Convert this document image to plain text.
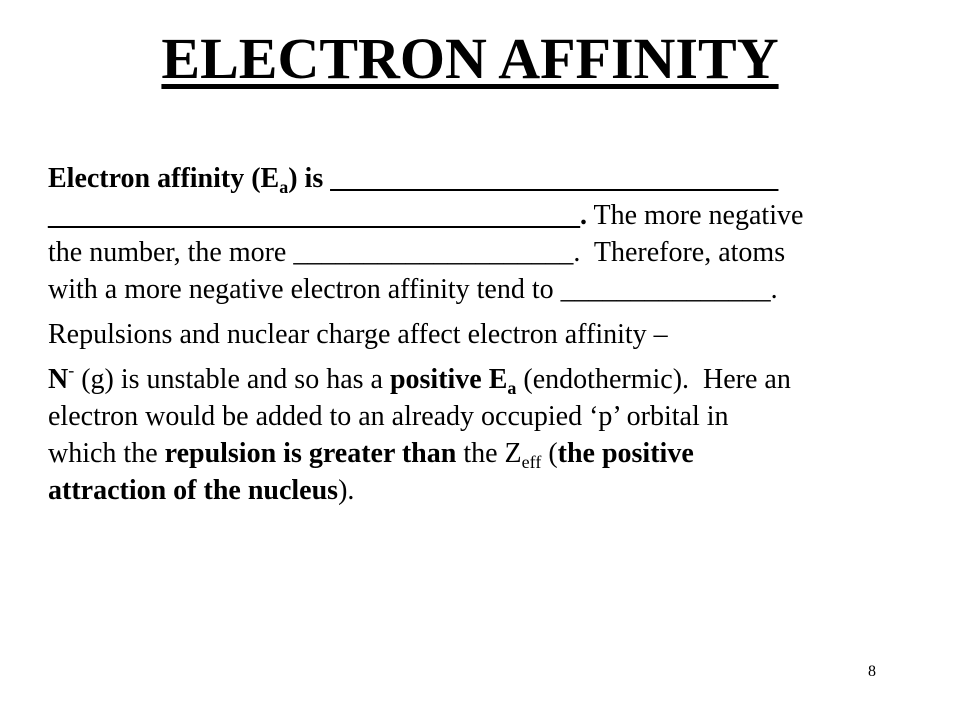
ELECTRON AFFINITY
Electron affinity $(E_a)$ is ________________________________
______________________________________. The more negative
the number, the more ____________________.  Therefore, atoms
with a more negative electron affinity tend to _______________.
Repulsions and nuclear charge affect electron affinity –
N- (g) is unstable and so has a positive $E_a$ (endothermic).  Here an
electron would be added to an already occupied ‘p’ orbital in
which the repulsion is greater than the $Z_{eff}$ (the positive
attraction of the nucleus).
8
